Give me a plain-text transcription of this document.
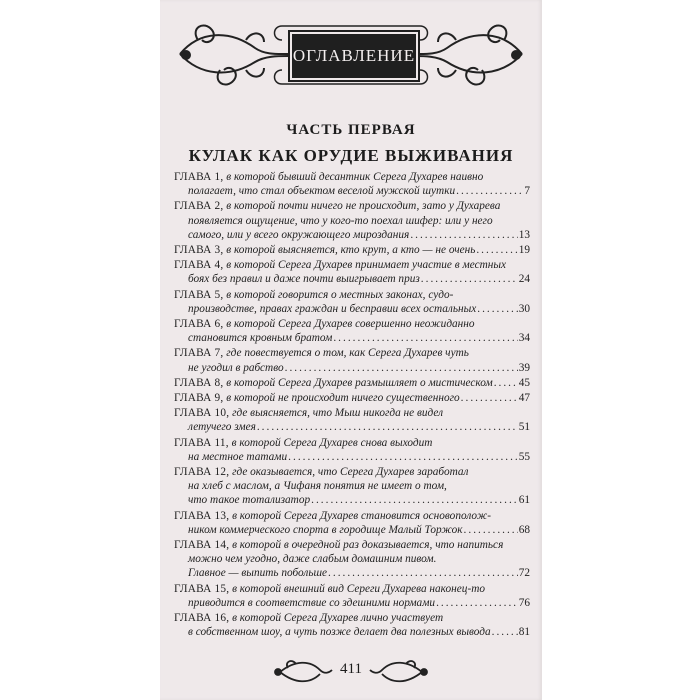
ОГЛАВЛЕНИЕ
ЧАСТЬ ПЕРВАЯ
КУЛАК КАК ОРУДИЕ ВЫЖИВАНИЯ
ГЛАВА 1, в которой бывший десантник Серега Духарев наивно
полагает, что стал объектом веселой мужской шутки .....	7
ГЛАВА 2, в которой почти ничего не происходит, зато у Духарева
появляется ощущение, что у кого-то поехал шифер: или у него
самого, или у всего окружающего мироздания .....	13
ГЛАВА 3,
в которой выясняется, кто крут, а кто — не очень .....	19
ГЛАВА 4, в которой Серега Духарев принимает участие в местных
боях без правил и даже почти выигрывает приз .....	24
ГЛАВА 5, в которой говорится о местных законах, судо-
производстве, правах граждан и бесправии всех остальных .....	30
ГЛАВА 6, в которой Серега Духарев совершенно неожиданно
становится кровным братом .....	34
ГЛАВА 7, где повествуется о том, как Серега Духарев чуть
не угодил в рабство .....	39
ГЛАВА 8,
в которой Серега Духарев размышляет о мистическом ..... 45
ГЛАВА 9,
в которой не происходит ничего существенного .....	47
ГЛАВА 10, где выясняется, что Мыш никогда не видел
летучего змея .....	51
ГЛАВА 11, в которой Серега Духарев снова выходит
на местное татами .....	55
ГЛАВА 12, где оказывается, что Серега Духарев заработал
на хлеб с маслом, а Чифаня понятия не имеет о том,
что такое тотализатор .....	61
ГЛАВА 13, в которой Серега Духарев становится основополож-
ником коммерческого спорта в городище Малый Торжок .....	68
ГЛАВА 14, в которой в очередной раз доказывается, что напиться
можно чем угодно, даже слабым домашним пивом.
Главное — выпить побольше .....	72
ГЛАВА 15, в которой внешний вид Сереги Духарева наконец-то
приводится в соответствие со здешними нормами .....	76
ГЛАВА 16, в которой Серега Духарев лично участвует
в собственном шоу, а чуть позже делает два полезных вывода ..... 81
411
